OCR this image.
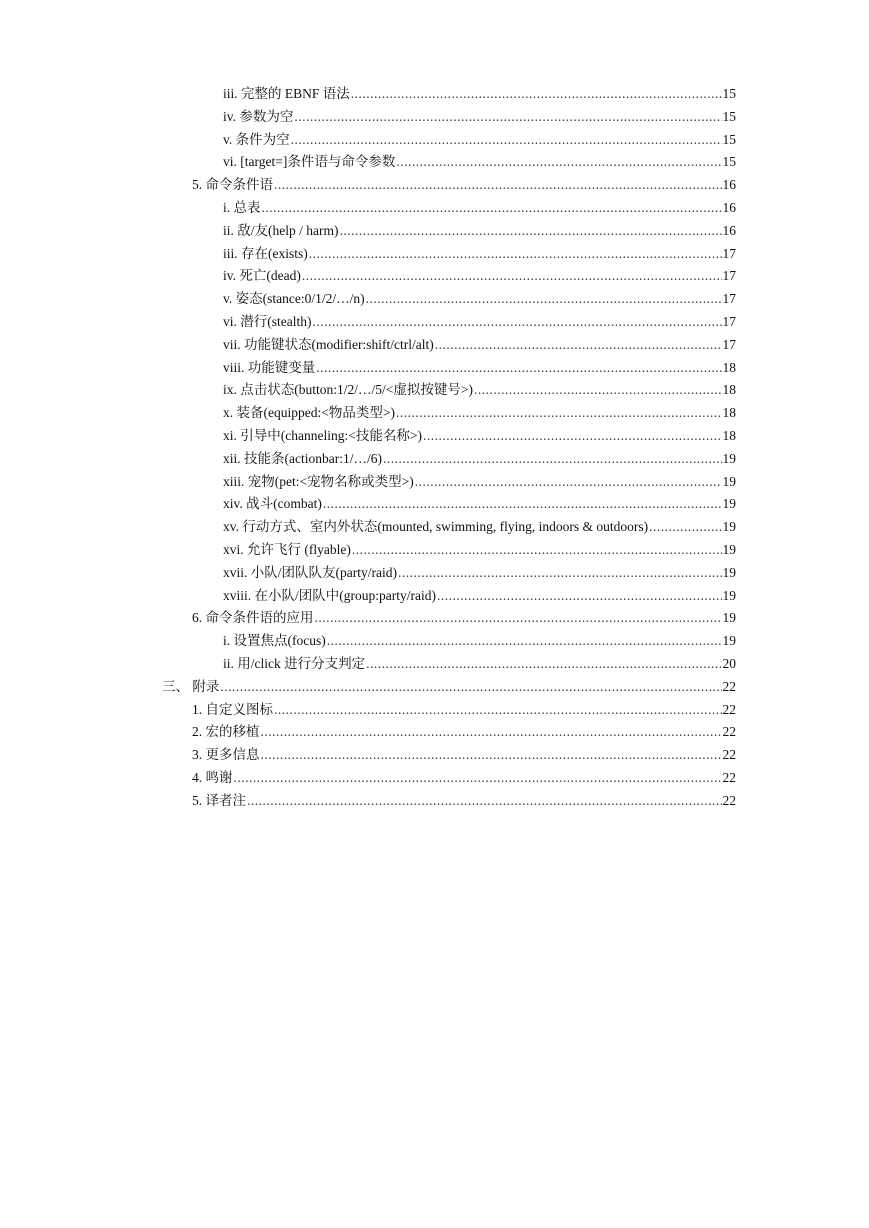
iii. 完整的 EBNF 语法 .....	15
iv. 参数为空 .....	15
v. 条件为空 .....	15
vi. [target=]条件语与命令参数 .....	15
5. 命令条件语 .....	16
i. 总表 .....	16
ii. 敌/友(help / harm) .....	16
iii. 存在(exists) .....	17
iv. 死亡(dead) .....	17
v. 姿态(stance:0/1/2/…/n) .....	17
vi. 潜行(stealth) .....	17
vii. 功能键状态(modifier:shift/ctrl/alt) .....	17
viii. 功能键变量 .....	18
ix. 点击状态(button:1/2/…/5/<虚拟按键号>) .....	18
x. 装备(equipped:<物品类型>) .....	18
xi. 引导中(channeling:<技能名称>) .....	18
xii. 技能条(actionbar:1/…/6) .....	19
xiii. 宠物(pet:<宠物名称或类型>) .....	19
xiv. 战斗(combat) .....	19
xv. 行动方式、室内外状态(mounted, swimming, flying, indoors & outdoors) .....	19
xvi. 允许飞行 (flyable) .....	19
xvii. 小队/团队队友(party/raid) .....	19
xviii. 在小队/团队中(group:party/raid) .....	19
6. 命令条件语的应用 .....	19
i. 设置焦点(focus) .....	19
ii. 用/click 进行分支判定 .....	20
三、 附录 .....	22
1. 自定义图标 .....	22
2. 宏的移植 .....	22
3. 更多信息 .....	22
4. 鸣谢 .....	22
5. 译者注 .....	22
